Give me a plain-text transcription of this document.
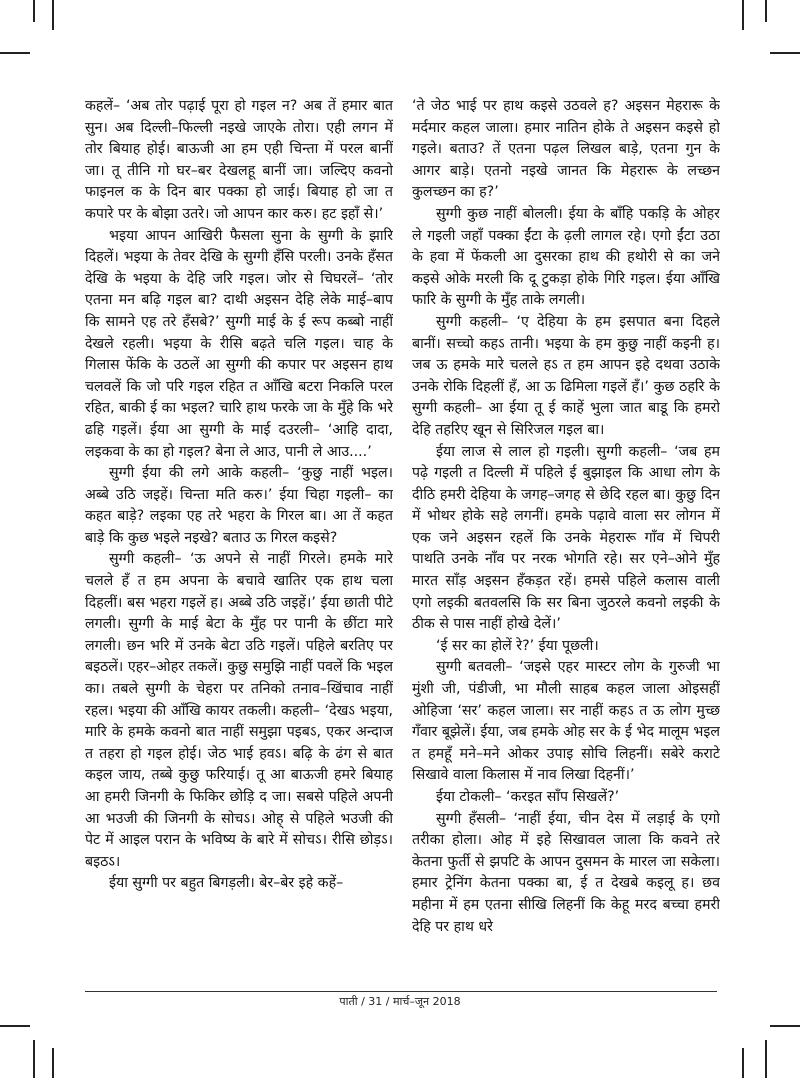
कहलें– ‘अब तोर पढ़ाई पूरा हो गइल न? अब तें हमार बात सुन। अब दिल्ली–फिल्ली नइखे जाएके तोरा। एही लगन में तोर बियाह होई। बाऊजी आ हम एही चिन्ता में परल बानीं जा। तू तीनि गो घर–बर देखलहू बानीं जा। जल्दिए कवनो फाइनल क के दिन बार पक्का हो जाई। बियाह हो जा त कपारे पर के बोझा उतरे। जो आपन कार करु। हट इहाँ से।’

भइया आपन आखिरी फैसला सुना के सुग्गी के झारि दिहलें। भइया के तेवर देखि के सुग्गी हँसि परली। उनके हँसत देखि के भइया के देहि जरि गइल। जोर से चिघरलें– ‘तोर एतना मन बढ़ि गइल बा? दाथी अइसन देहि लेके माई–बाप कि सामने एह तरे हँसबे?’ सुग्गी माई के ई रूप कब्बो नाहीं देखले रहली। भइया के रीसि बढ़ते चलि गइल। चाह के गिलास फेंकि के उठलें आ सुग्गी की कपार पर अइसन हाथ चलवलें कि जो परि गइल रहित त आँखि बटरा निकलि परल रहित, बाकी ई का भइल? चारि हाथ फरके जा के मुँहे कि भरे ढहि गइलें। ईया आ सुग्गी के माई दउरली– ‘आहि दादा, लइकवा के का हो गइल? बेना ले आउ, पानी ले आउ....’

सुग्गी ईया की लगे आके कहली– ‘कुछु नाहीं भइल। अब्बे उठि जइहें। चिन्ता मति करु।’ ईया चिहा गइली– का कहत बाड़े? लइका एह तरे भहरा के गिरल बा। आ तें कहत बाड़े कि कुछ भइले नइखे? बताउ ऊ गिरल कइसे?

सुग्गी कहली– ‘ऊ अपने से नाहीं गिरले। हमके मारे चलले हँ त हम अपना के बचावे खातिर एक हाथ चला दिहलीं। बस भहरा गइलें ह। अब्बे उठि जइहें।’ ईया छाती पीटे लगली। सुग्गी के माई बेटा के मुँह पर पानी के छींटा मारे लगली। छन भरि में उनके बेटा उठि गइलें। पहिले बरतिए पर बइठलें। एहर–ओहर तकलें। कुछु समुझि नाहीं पवलें कि भइल का। तबले सुग्गी के चेहरा पर तनिको तनाव–खिंचाव नाहीं रहल। भइया की आँखि कायर तकली। कहली– ‘देखऽ भइया, मारि के हमके कवनो बात नाहीं समुझा पइबऽ, एकर अन्दाज त तहरा हो गइल होई। जेठ भाई हवऽ। बढ़ि के ढंग से बात कइल जाय, तब्बे कुछु फरियाई। तू आ बाऊजी हमरे बियाह आ हमरी जिनगी के फिकिर छोड़ि द जा। सबसे पहिले अपनी आ भउजी की जिनगी के सोचऽ। ओह् से पहिले भउजी की पेट में आइल परान के भविष्य के बारे में सोचऽ। रीसि छोड़ऽ। बइठऽ।

ईया सुग्गी पर बहुत बिगड़ली। बेर–बेर इहे कहें–

‘ते जेठ भाई पर हाथ कइसे उठवले ह? अइसन मेहरारू के मर्दमार कहल जाला। हमार नातिन होके ते अइसन कइसे हो गइले। बताउ? तें एतना पढ़ल लिखल बाड़े, एतना गुन के आगर बाड़े। एतनो नइखे जानत कि मेहरारू के लच्छन कुलच्छन का ह?’

सुग्गी कुछ नाहीं बोलली। ईया के बाँहि पकड़ि के ओहर ले गइली जहाँ पक्का ईंटा के ढ़ली लागल रहे। एगो ईंटा उठा के हवा में फेंकली आ दुसरका हाथ की हथोरी से का जने कइसे ओके मरली कि दू टुकड़ा होके गिरि गइल। ईया आँखि फारि के सुग्गी के मुँह ताके लगली।

सुग्गी कहली– ‘ए देहिया के हम इसपात बना दिहले बानीं। सच्चो कहऽ तानी। भइया के हम कुछु नाहीं कइनी ह। जब ऊ हमके मारे चलले हऽ त हम आपन इहे दथवा उठाके उनके रोकि दिहलीं हँ, आ ऊ ढिमिला गइलें हँ।’ कुछ ठहरि के सुग्गी कहली– आ ईया तू ई काहें भुला जात बाडू कि हमरो देहि तहरिए खून से सिरिजल गइल बा।

ईया लाज से लाल हो गइली। सुग्गी कहली– ‘जब हम पढ़े गइली त दिल्ली में पहिले ई बुझाइल कि आधा लोग के दीठि हमरी देहिया के जगह–जगह से छेदि रहल बा। कुछु दिन में भोथर होके सहे लगनीं। हमके पढ़ावे वाला सर लोगन में एक जने अइसन रहलें कि उनके मेहरारू गाँव में चिपरी पाथति उनके नाँव पर नरक भोगति रहे। सर एने–ओने मुँह मारत साँड़ अइसन हँकड़त रहें। हमसे पहिले कलास वाली एगो लइकी बतवलसि कि सर बिना जुठरले कवनो लइकी के ठीक से पास नाहीं होखे देलें।’

‘ई सर का होलें रे?’ ईया पूछली।

सुग्गी बतवली– ‘जइसे एहर मास्टर लोग के गुरुजी भा मुंशी जी, पंडीजी, भा मौली साहब कहल जाला ओइसहीं ओहिजा ‘सर’ कहल जाला। सर नाहीं कहऽ त ऊ लोग मुच्छ गँवार बूझेलें। ईया, जब हमके ओह सर के ई भेद मालूम भइल त हमहूँ मने–मने ओकर उपाइ सोचि लिहनीं। सबेरे कराटे सिखावे वाला किलास में नाव लिखा दिहनीं।’

ईया टोकली– ‘करइत साँप सिखलें?’

सुग्गी हँसली– ‘नाहीं ईया, चीन देस में लड़ाई के एगो तरीका होला। ओह में इहे सिखावल जाला कि कवने तरे केतना फुर्ती से झपटि के आपन दुसमन के मारल जा सकेला। हमार ट्रेनिंग केतना पक्का बा, ई त देखबे कइलू ह। छव महीना में हम एतना सीखि लिहनीं कि केहू मरद बच्चा हमरी देहि पर हाथ धरे

पाती / 31 / मार्च–जून 2018
